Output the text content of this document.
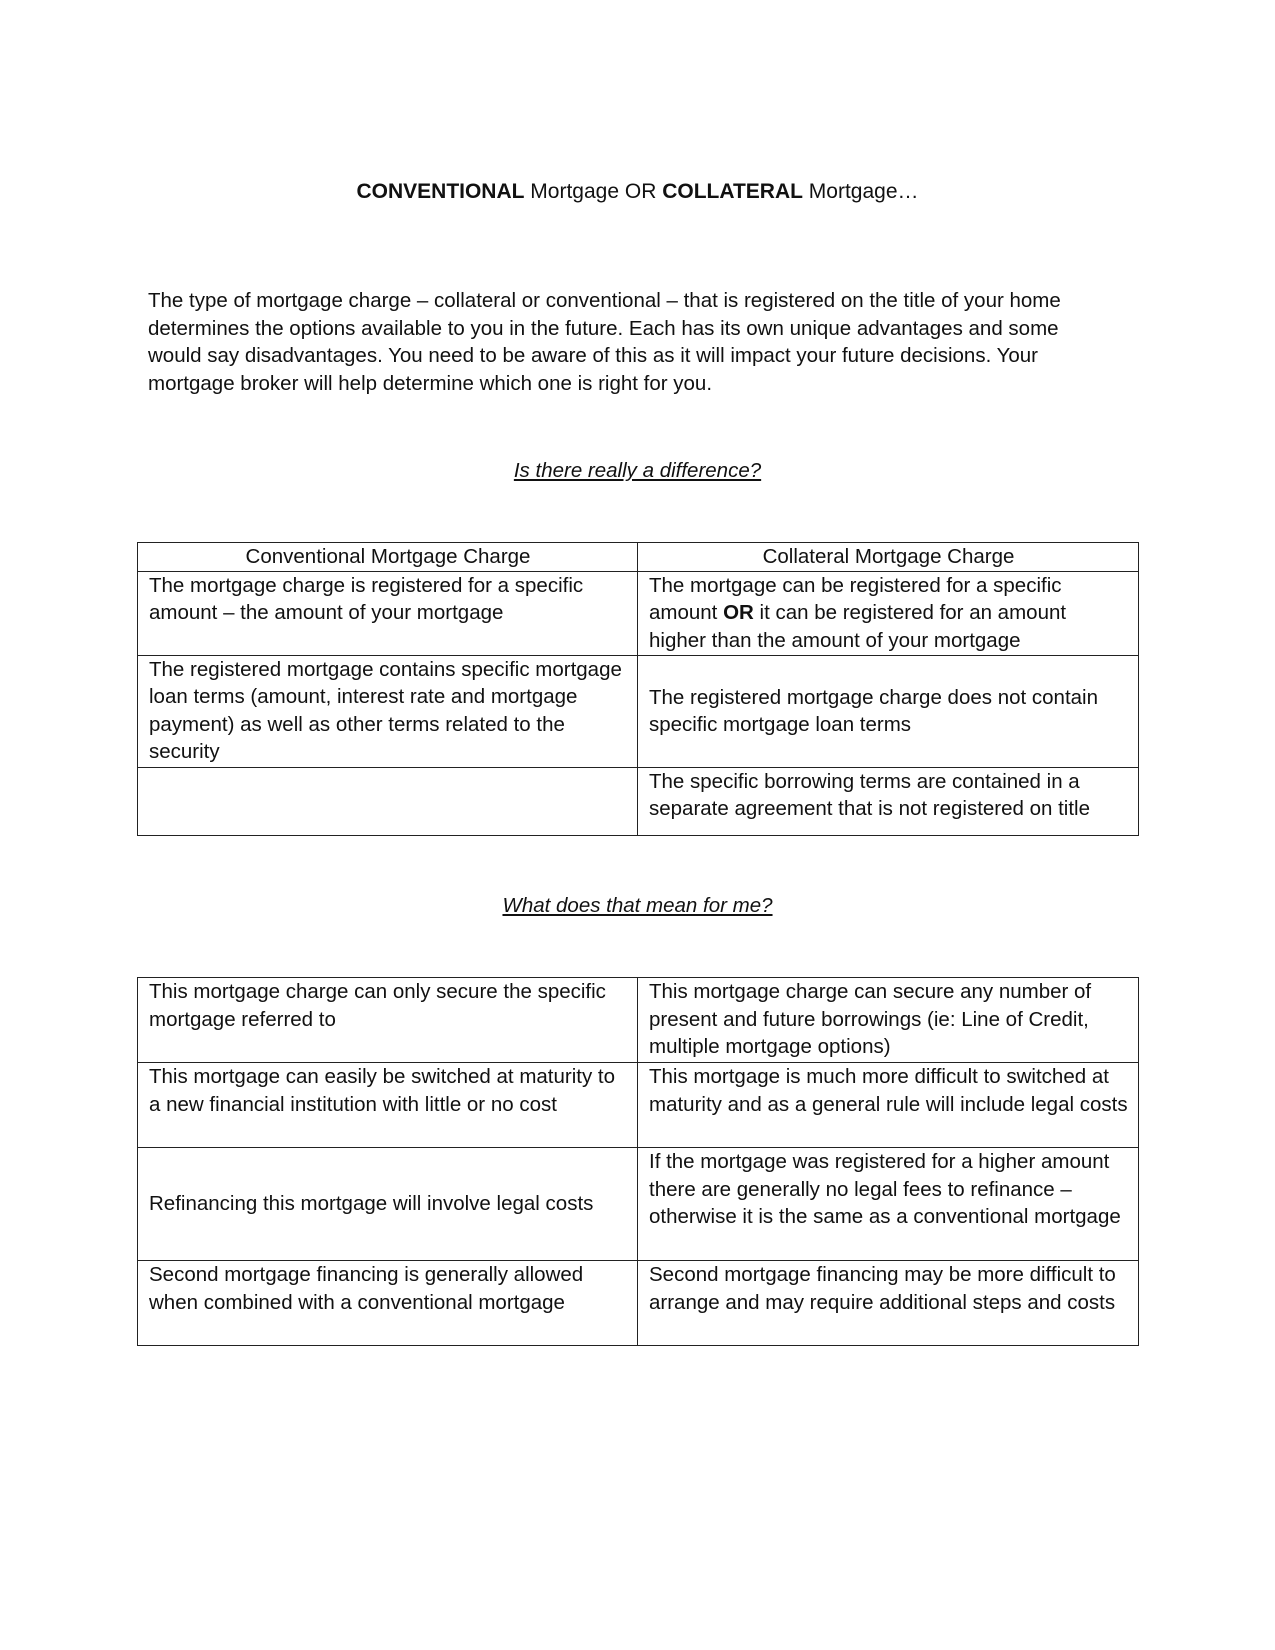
CONVENTIONAL Mortgage OR COLLATERAL Mortgage…
The type of mortgage charge – collateral or conventional – that is registered on the title of your home determines the options available to you in the future. Each has its own unique advantages and some would say disadvantages. You need to be aware of this as it will impact your future decisions. Your mortgage broker will help determine which one is right for you.
Is there really a difference?
Conventional Mortgage Charge	Collateral Mortgage Charge
The mortgage charge is registered for a specific amount – the amount of your mortgage	The mortgage can be registered for a specific amount OR it can be registered for an amount higher than the amount of your mortgage
The registered mortgage contains specific mortgage loan terms (amount, interest rate and mortgage payment) as well as other terms related to the security	The registered mortgage charge does not contain specific mortgage loan terms
	The specific borrowing terms are contained in a separate agreement that is not registered on title
What does that mean for me?
This mortgage charge can only secure the specific mortgage referred to	This mortgage charge can secure any number of present and future borrowings (ie: Line of Credit, multiple mortgage options)
This mortgage can easily be switched at maturity to a new financial institution with little or no cost	This mortgage is much more difficult to switched at maturity and as a general rule will include legal costs
Refinancing this mortgage will involve legal costs	If the mortgage was registered for a higher amount there are generally no legal fees to refinance – otherwise it is the same as a conventional mortgage
Second mortgage financing is generally allowed when combined with a conventional mortgage	Second mortgage financing may be more difficult to arrange and may require additional steps and costs
